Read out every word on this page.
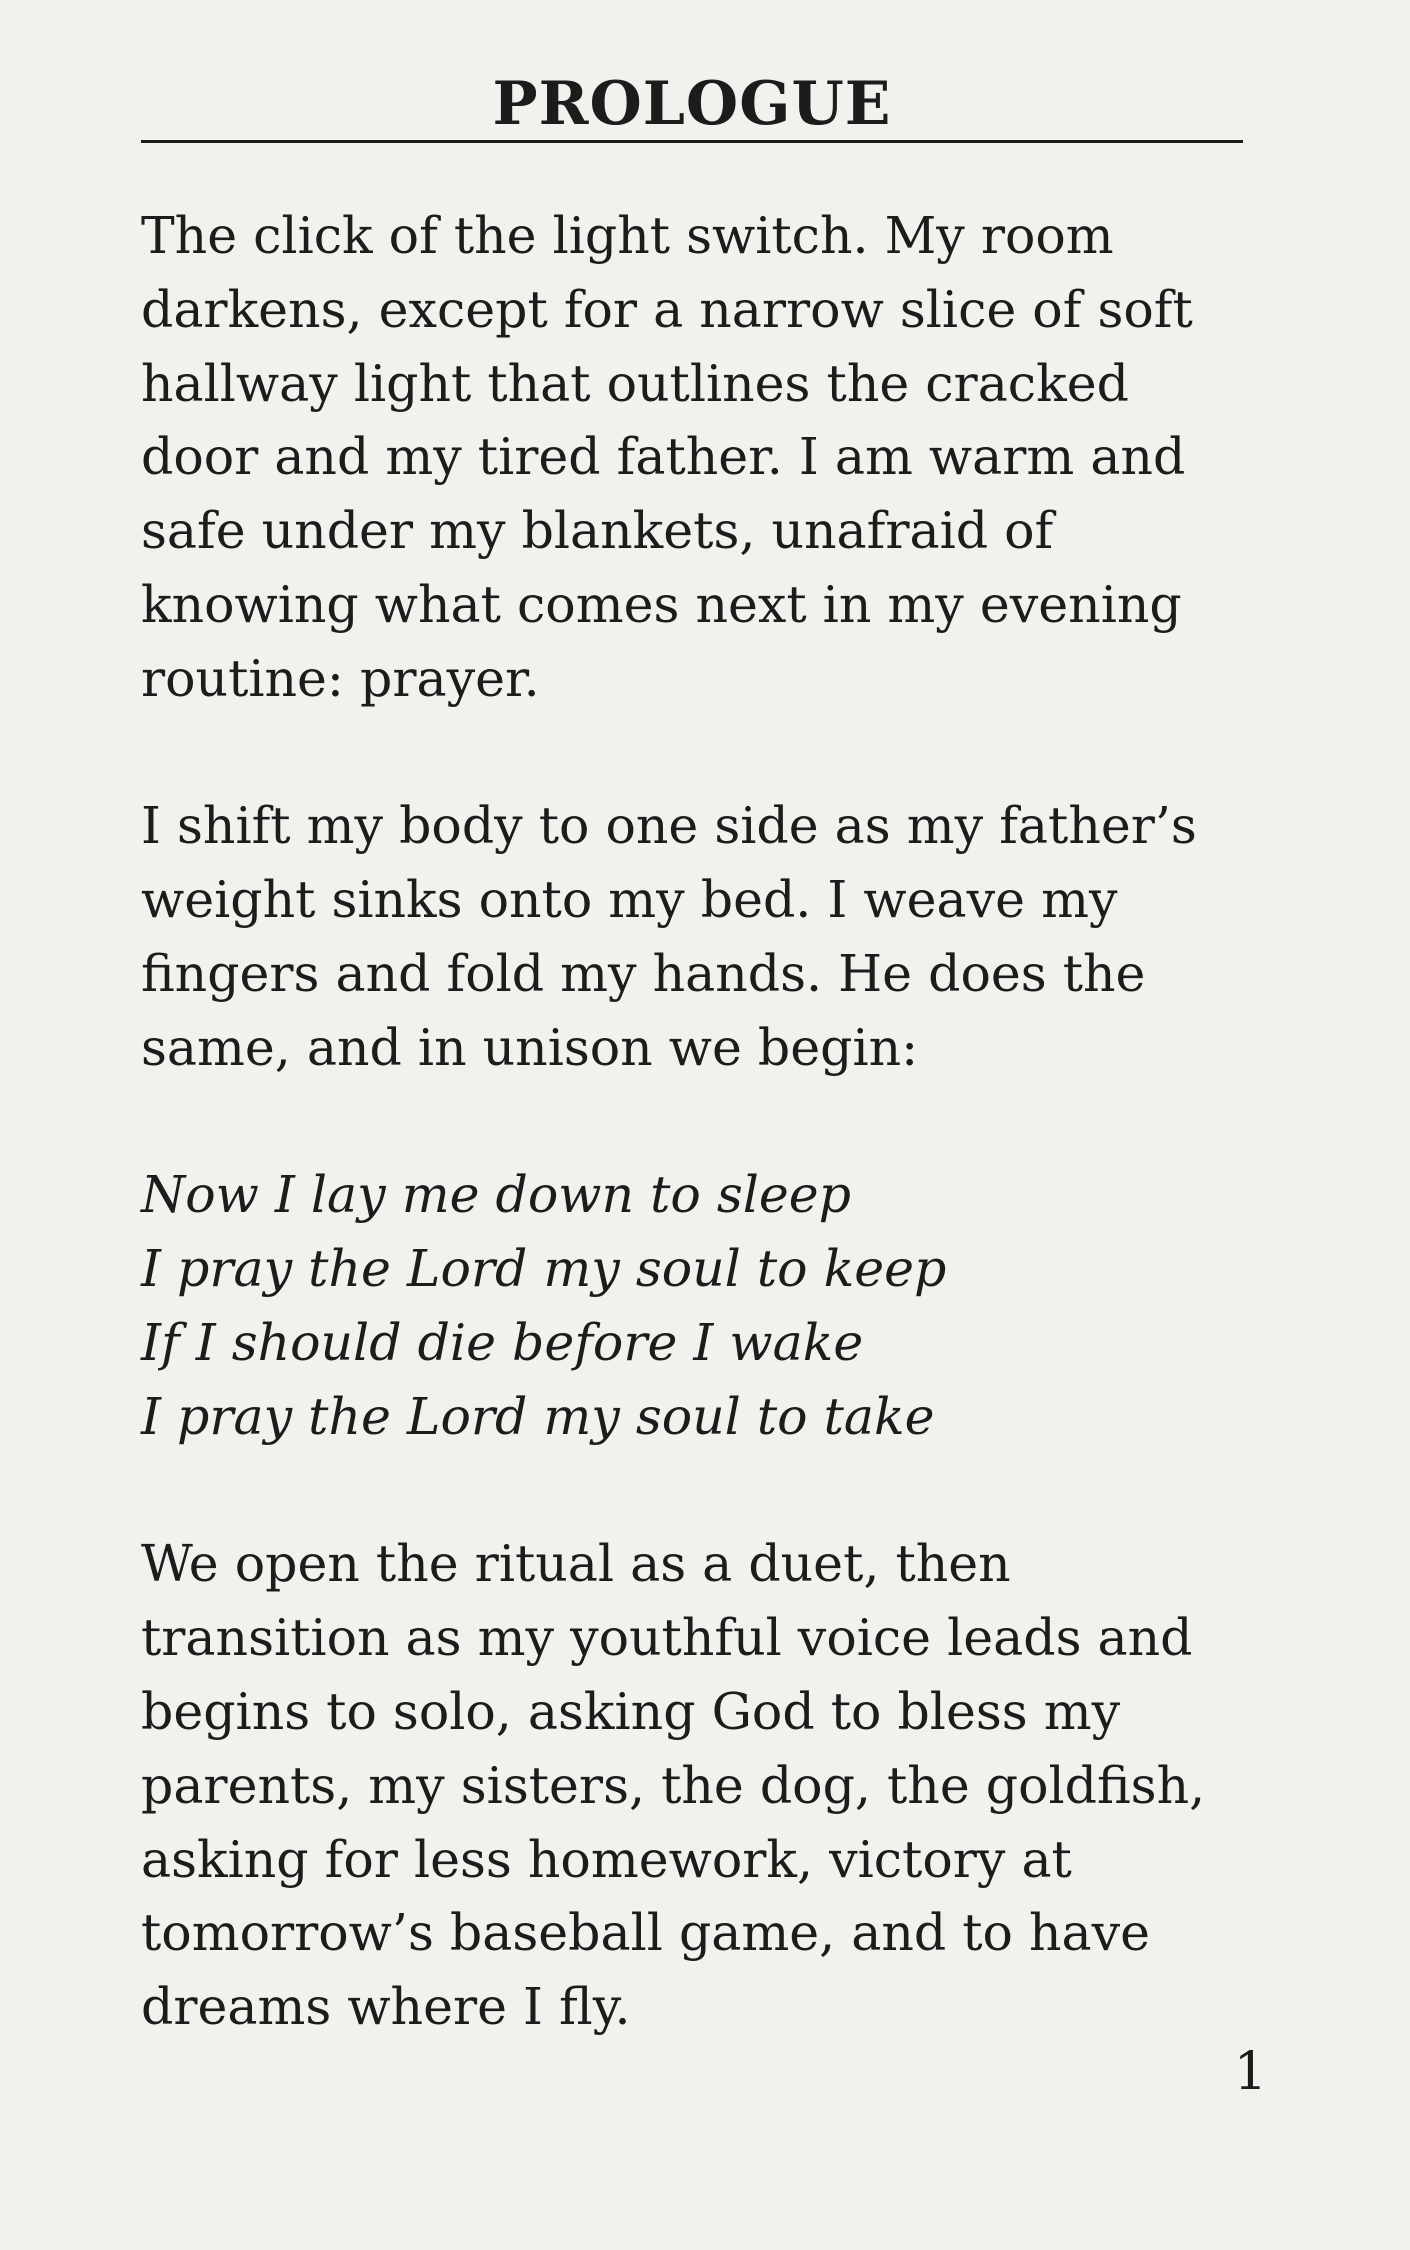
PROLOGUE

The click of the light switch. My room
darkens, except for a narrow slice of soft
hallway light that outlines the cracked
door and my tired father. I am warm and
safe under my blankets, unafraid of
knowing what comes next in my evening
routine: prayer.

I shift my body to one side as my father’s
weight sinks onto my bed. I weave my
fingers and fold my hands. He does the
same, and in unison we begin:

Now I lay me down to sleep
I pray the Lord my soul to keep
If I should die before I wake
I pray the Lord my soul to take

We open the ritual as a duet, then
transition as my youthful voice leads and
begins to solo, asking God to bless my
parents, my sisters, the dog, the goldfish,
asking for less homework, victory at
tomorrow’s baseball game, and to have
dreams where I fly.

1
